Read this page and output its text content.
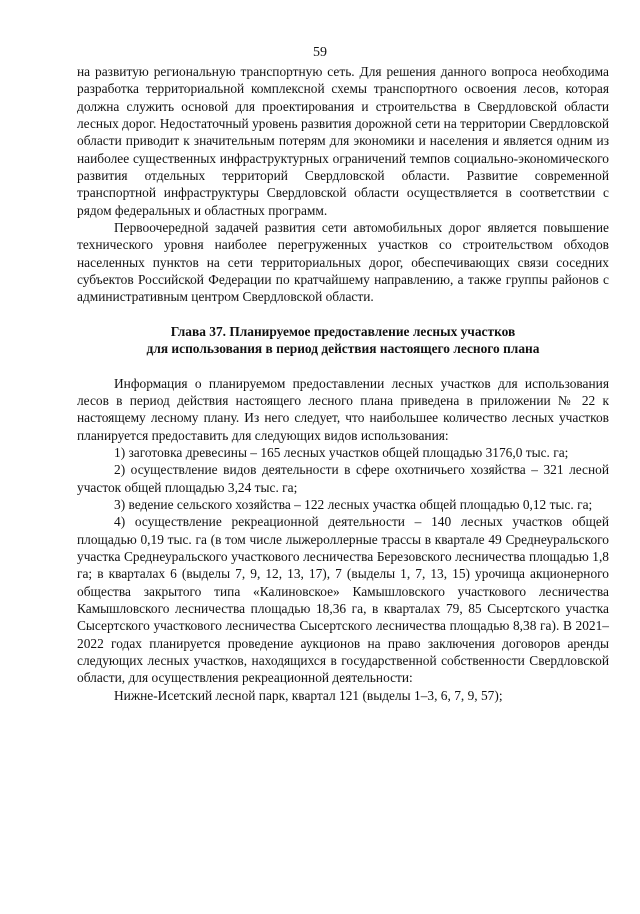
59

на развитую региональную транспортную сеть. Для решения данного вопроса необходима разработка территориальной комплексной схемы транспортного освоения лесов, которая должна служить основой для проектирования и строительства в Свердловской области лесных дорог. Недостаточный уровень развития дорожной сети на территории Свердловской области приводит к значительным потерям для экономики и населения и является одним из наиболее существенных инфраструктурных ограничений темпов социально-экономического развития отдельных территорий Свердловской области. Развитие современной транспортной инфраструктуры Свердловской области осуществляется в соответствии с рядом федеральных и областных программ.

Первоочередной задачей развития сети автомобильных дорог является повышение технического уровня наиболее перегруженных участков со строительством обходов населенных пунктов на сети территориальных дорог, обеспечивающих связи соседних субъектов Российской Федерации по кратчайшему направлению, а также группы районов с административным центром Свердловской области.

Глава 37. Планируемое предоставление лесных участков
для использования в период действия настоящего лесного плана

Информация о планируемом предоставлении лесных участков для использования лесов в период действия настоящего лесного плана приведена в приложении № 22 к настоящему лесному плану. Из него следует, что наибольшее количество лесных участков планируется предоставить для следующих видов использования:

1) заготовка древесины – 165 лесных участков общей площадью 3176,0 тыс. га;

2) осуществление видов деятельности в сфере охотничьего хозяйства – 321 лесной участок общей площадью 3,24 тыс. га;

3) ведение сельского хозяйства – 122 лесных участка общей площадью 0,12 тыс. га;

4) осуществление рекреационной деятельности – 140 лесных участков общей площадью 0,19 тыс. га (в том числе лыжероллерные трассы в квартале 49 Среднеуральского участка Среднеуральского участкового лесничества Березовского лесничества площадью 1,8 га; в кварталах 6 (выделы 7, 9, 12, 13, 17), 7 (выделы 1, 7, 13, 15) урочища акционерного общества закрытого типа «Калиновское» Камышловского участкового лесничества Камышловского лесничества площадью 18,36 га, в кварталах 79, 85 Сысертского участка Сысертского участкового лесничества Сысертского лесничества площадью 8,38 га). В 2021–2022 годах планируется проведение аукционов на право заключения договоров аренды следующих лесных участков, находящихся в государственной собственности Свердловской области, для осуществления рекреационной деятельности:

Нижне-Исетский лесной парк, квартал 121 (выделы 1–3, 6, 7, 9, 57);
